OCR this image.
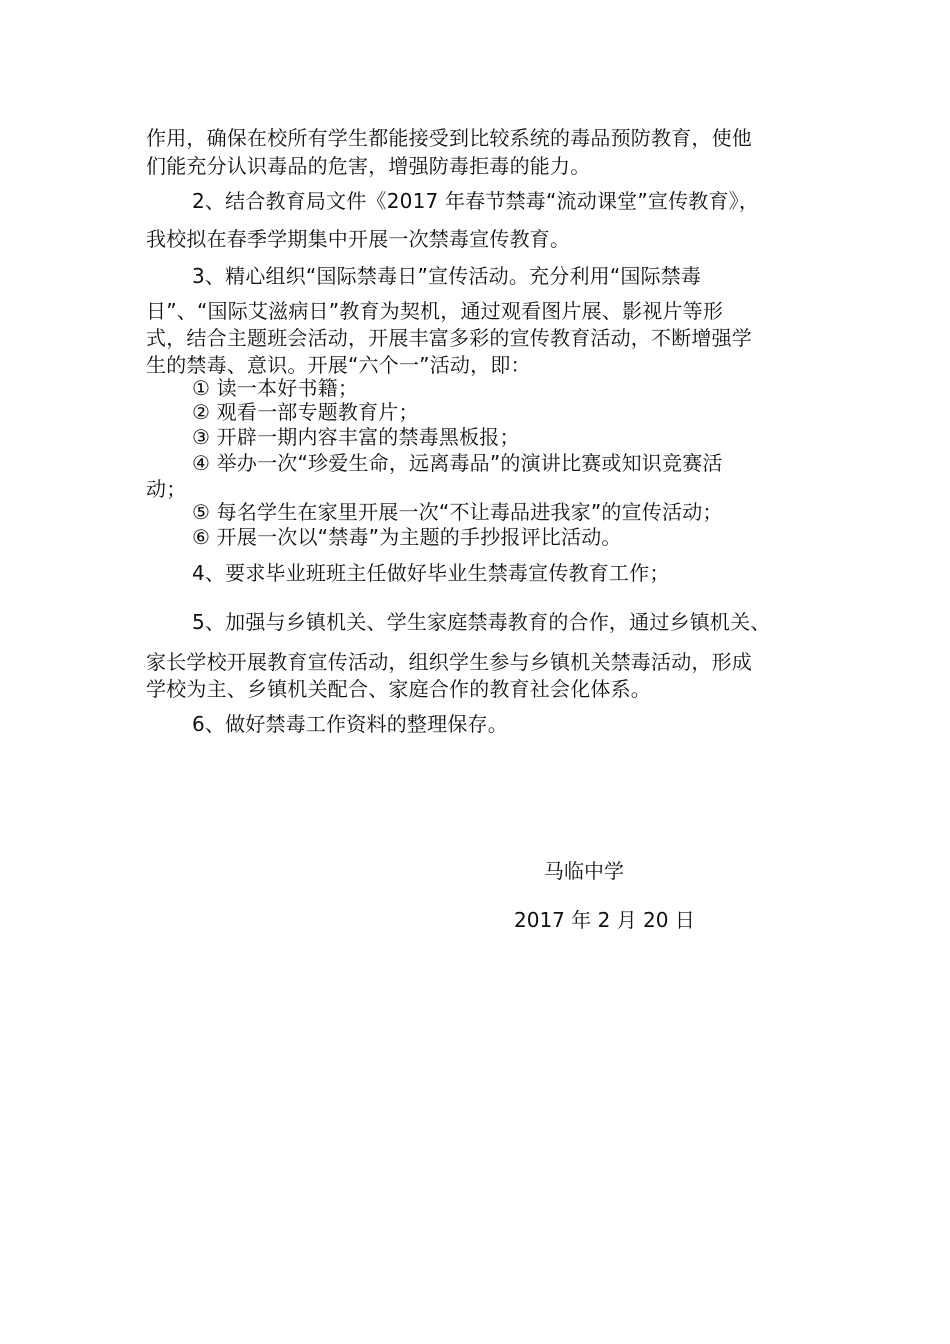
作用，确保在校所有学生都能接受到比较系统的毒品预防教育，使他
们能充分认识毒品的危害，增强防毒拒毒的能力。
2、结合教育局文件《2017 年春节禁毒“流动课堂”宣传教育》，
我校拟在春季学期集中开展一次禁毒宣传教育。
3、精心组织“国际禁毒日”宣传活动。充分利用“国际禁毒
日”、“国际艾滋病日”教育为契机，通过观看图片展、影视片等形
式，结合主题班会活动，开展丰富多彩的宣传教育活动，不断增强学
生的禁毒、意识。开展“六个一”活动，即：
① 读一本好书籍；
② 观看一部专题教育片；
③ 开辟一期内容丰富的禁毒黑板报；
④ 举办一次“珍爱生命，远离毒品”的演讲比赛或知识竞赛活
动；
⑤ 每名学生在家里开展一次“不让毒品进我家”的宣传活动；
⑥ 开展一次以“禁毒”为主题的手抄报评比活动。
4、要求毕业班班主任做好毕业生禁毒宣传教育工作；
5、加强与乡镇机关、学生家庭禁毒教育的合作，通过乡镇机关、
家长学校开展教育宣传活动，组织学生参与乡镇机关禁毒活动，形成
学校为主、乡镇机关配合、家庭合作的教育社会化体系。
6、做好禁毒工作资料的整理保存。
马临中学
2017 年 2 月 20 日
